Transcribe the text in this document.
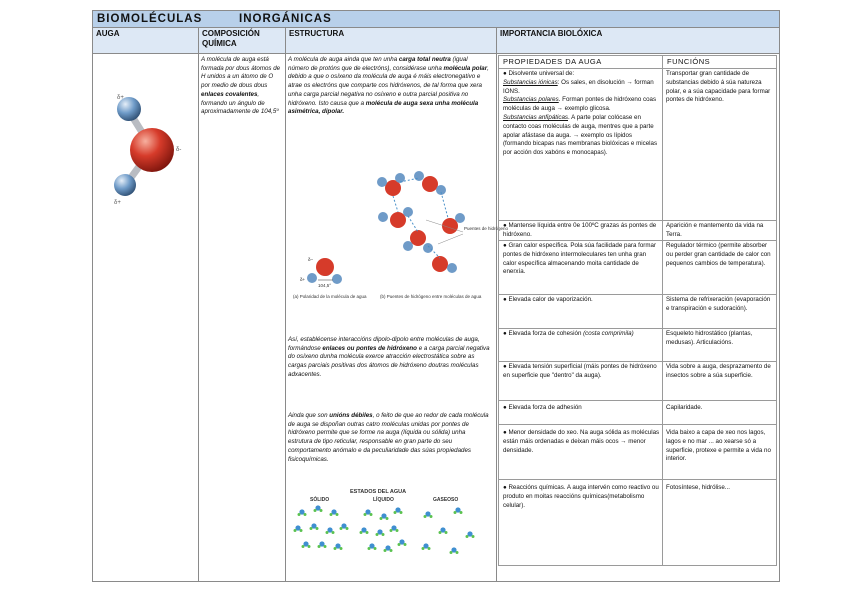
BIOMOLÉCULAS	INORGÁNICAS
AUGA	COMPOSICIÓN QUÍMICA
ESTRUCTURA	IMPORTANCIA BIOLÓXICA
δ+
δ-
δ+
A molécula de auga está formada por dous átomos de H unidos a un átomo de O por medio de dous dous enlaces covalentes, formando un ángulo de aproximadamente de 104,5º
A molécula de auga ainda que ten unha carga total neutra (igual número de protóns que de electróns), considérase unha molécula polar, debido a que o osíxeno da molécula de auga é máis electronegativo e atrae os electróns que comparte cos hidróxenos, de tal forma que xera unha carga parcial negativa no osíxeno e outra parcial positiva no hidróxeno. Isto causa que a molécula de auga sexa unha molécula asimétrica, dipolar.
104,5°
δ−
δ+
Puentes de hidrógeno
(a) Polaridad de la molécula de agua	(b) Puentes de hidrógeno entre moléculas de agua
Así, establécense interaccións dipolo-dipolo entre moléculas de auga, formándose enlaces ou pontes de hidróxeno e a carga parcial negativa do osíxeno dunha molécula exerce atracción electrostática sobre as cargas parciais positivas dos átomos de hidróxeno doutras moléculas adxacentes.
Ainda que son unións débiles, o feito de que ao redor de cada molécula de auga se dispoñan outras catro moléculas unidas por pontes de hidróxeno permite que se forme na auga (líquida ou sólida) unha estrutura de tipo reticular, responsable en gran parte do seu comportamento anómalo e da peculiaridade das súas propiedades fisicoquímicas.
ESTADOS DEL AGUA
SÓLIDO	LÍQUIDO	GASEOSO
PROPIEDADES DA AUGA	FUNCIÓNS
● Disolvente universal de:
Substancias iónicas: Os sales, en disolución → forman IONS.
Substancias polares. Forman pontes de hidróxeno coas moléculas de auga → exemplo glicosa.
Substancias anfipáticas. A parte polar colócase en contacto coas moléculas de auga, mentres que a parte apolar afástase da auga. → exemplo os lípidos (formando bicapas nas membranas biolóxicas e micelas por acción dos xabóns e monocapas).
Transportar gran cantidade de substancias debido á súa natureza polar, e a súa capacidade para formar pontes de hidróxeno.
● Mantense líquida entre 0e 100ºC grazas ás pontes de hidróxeno.
Aparición e mantemento da vida na Terra.
● Gran calor específica. Pola súa facilidade para formar pontes de hidróxeno intermoleculares ten unha gran calor específica almacenando moita cantidade de enerxía.
Regulador térmico (permite absorber ou perder gran cantidade de calor con pequenos cambios de temperatura).
● Elevada calor de vaporización.	Sistema de refrixeración (evaporación e transpiración e sudoración).
● Elevada forza de cohesión (costa comprimila)	Esqueleto hidrostático (plantas, medusas). Articulacións.
● Elevada tensión superficial (máis pontes de hidróxeno en superficie que "dentro" da auga).
Vida sobre a auga, desprazamento de insectos sobre a súa superficie.
● Elevada forza de adhesión	Capilaridade.
● Menor densidade do xeo. Na auga sólida as moléculas están máis ordenadas e deixan máis ocos → menor densidade.
Vida baixo a capa de xeo nos lagos, lagos e no mar ... ao xearse só a superficie, protexe e permite a vida no interior.
● Reaccións químicas. A auga intervén como reactivo ou produto en moitas reaccións químicas(metabolismo celular).
Fotosíntese, hidrólise...
